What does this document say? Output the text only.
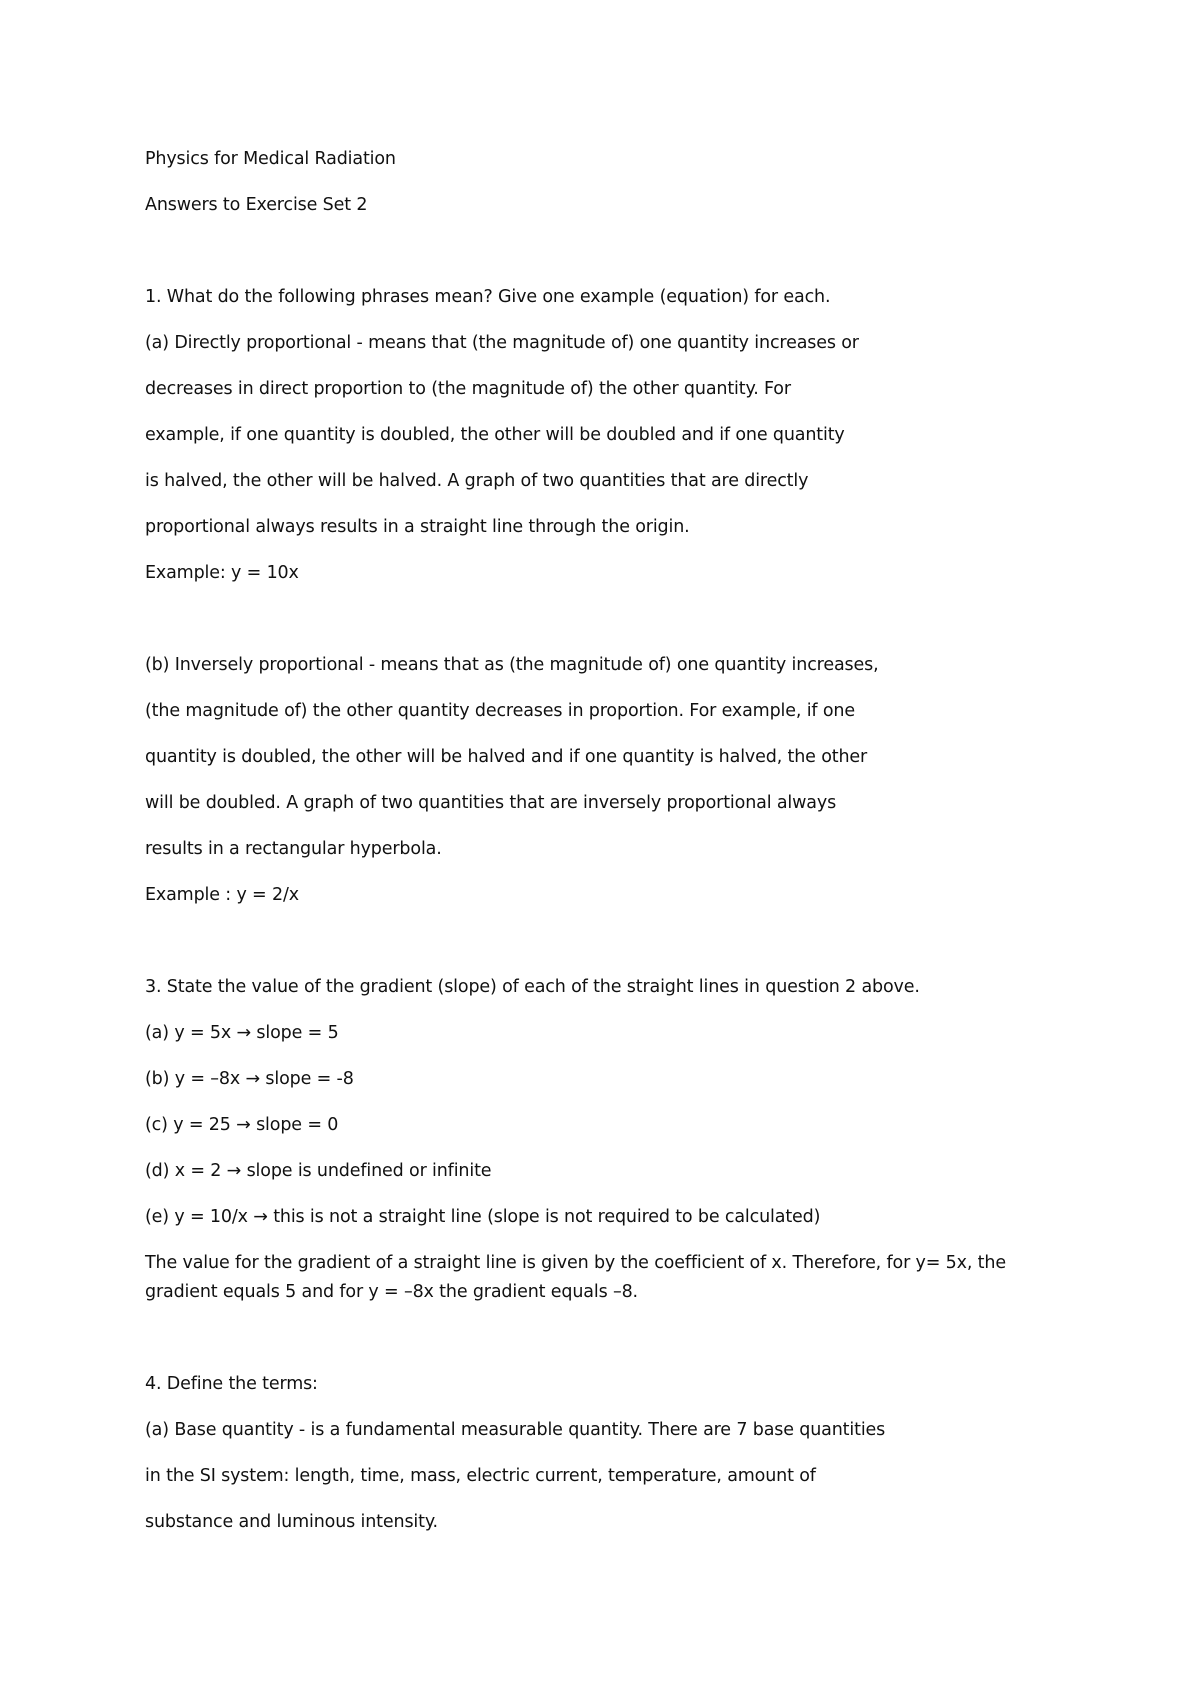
Physics for Medical Radiation
Answers to Exercise Set 2
1. What do the following phrases mean? Give one example (equation) for each.
(a) Directly proportional - means that (the magnitude of) one quantity increases or
decreases in direct proportion to (the magnitude of) the other quantity. For
example, if one quantity is doubled, the other will be doubled and if one quantity
is halved, the other will be halved. A graph of two quantities that are directly
proportional always results in a straight line through the origin.
Example: y = 10x
(b) Inversely proportional - means that as (the magnitude of) one quantity increases,
(the magnitude of) the other quantity decreases in proportion. For example, if one
quantity is doubled, the other will be halved and if one quantity is halved, the other
will be doubled. A graph of two quantities that are inversely proportional always
results in a rectangular hyperbola.
Example : y = 2/x
3. State the value of the gradient (slope) of each of the straight lines in question 2 above.
(a) y = 5x → slope = 5
(b) y = –8x → slope = -8
(c) y = 25 → slope = 0
(d) x = 2 → slope is undefined or infinite
(e) y = 10/x → this is not a straight line (slope is not required to be calculated)
The value for the gradient of a straight line is given by the coefficient of x. Therefore, for y= 5x, the
gradient equals 5 and for y = –8x the gradient equals –8.
4. Define the terms:
(a) Base quantity - is a fundamental measurable quantity. There are 7 base quantities
in the SI system: length, time, mass, electric current, temperature, amount of
substance and luminous intensity.
